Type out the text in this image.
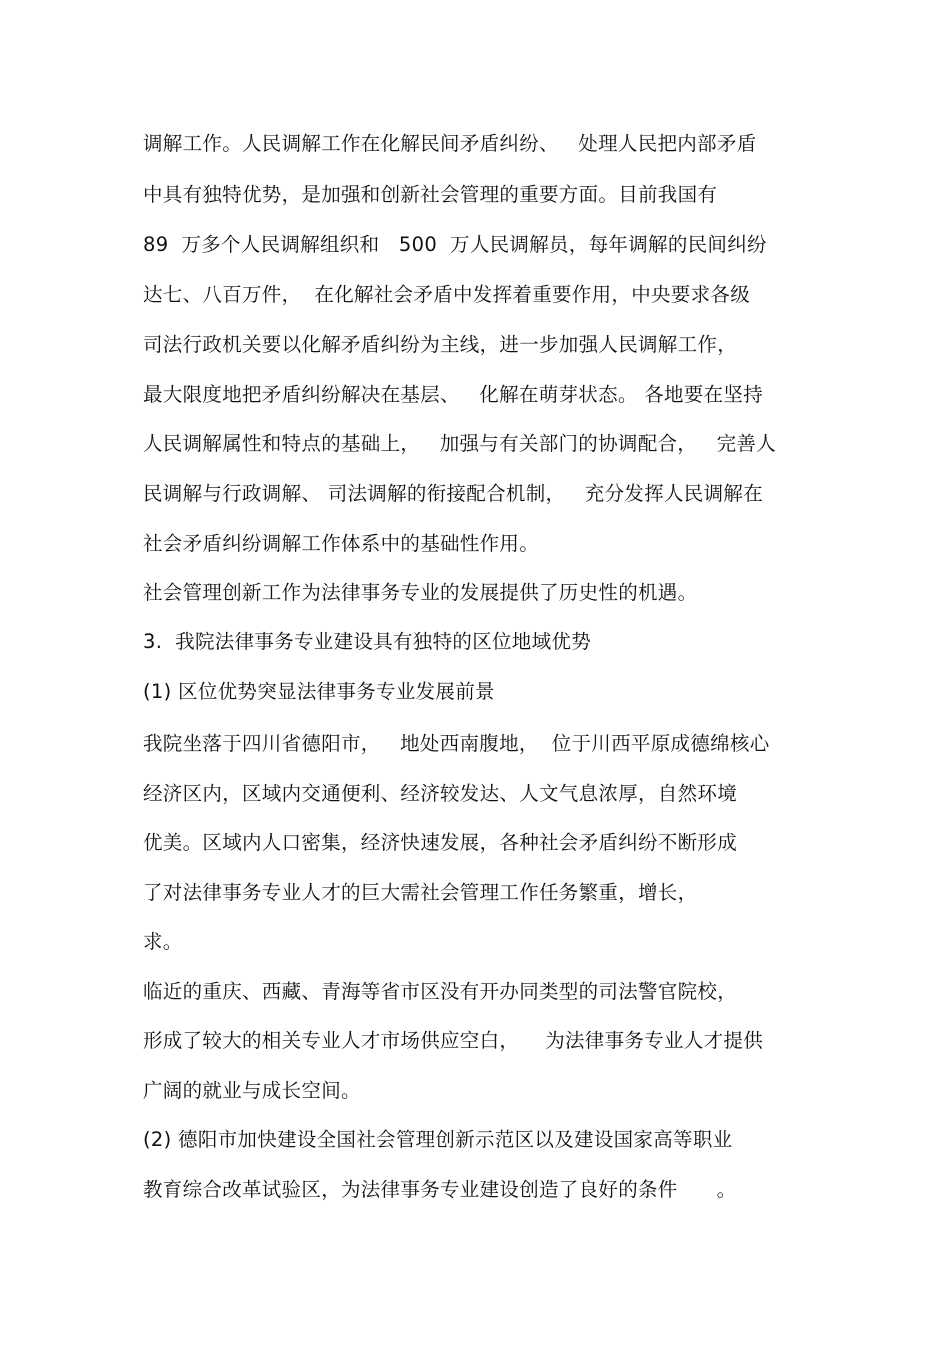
调解工作。人民调解工作在化解民间矛盾纠纷、   处理人民把内部矛盾
中具有独特优势，是加强和创新社会管理的重要方面。目前我国有
89  万多个人民调解组织和   500  万人民调解员，每年调解的民间纠纷
达七、八百万件，  在化解社会矛盾中发挥着重要作用，中央要求各级
司法行政机关要以化解矛盾纠纷为主线，进一步加强人民调解工作，
最大限度地把矛盾纠纷解决在基层、   化解在萌芽状态。 各地要在坚持
人民调解属性和特点的基础上，   加强与有关部门的协调配合，   完善人
民调解与行政调解、 司法调解的衔接配合机制，   充分发挥人民调解在
社会矛盾纠纷调解工作体系中的基础性作用。
社会管理创新工作为法律事务专业的发展提供了历史性的机遇。
3.  我院法律事务专业建设具有独特的区位地域优势
(1) 区位优势突显法律事务专业发展前景
我院坐落于四川省德阳市，   地处西南腹地，  位于川西平原成德绵核心
经济区内，区域内交通便利、经济较发达、人文气息浓厚，自然环境
优美。区域内人口密集，经济快速发展，各种社会矛盾纠纷不断形成
了对法律事务专业人才的巨大需社会管理工作任务繁重，增长，
求。
临近的重庆、西藏、青海等省市区没有开办同类型的司法警官院校，
形成了较大的相关专业人才市场供应空白，    为法律事务专业人才提供
广阔的就业与成长空间。
(2) 德阳市加快建设全国社会管理创新示范区以及建设国家高等职业
教育综合改革试验区，为法律事务专业建设创造了良好的条件      。
